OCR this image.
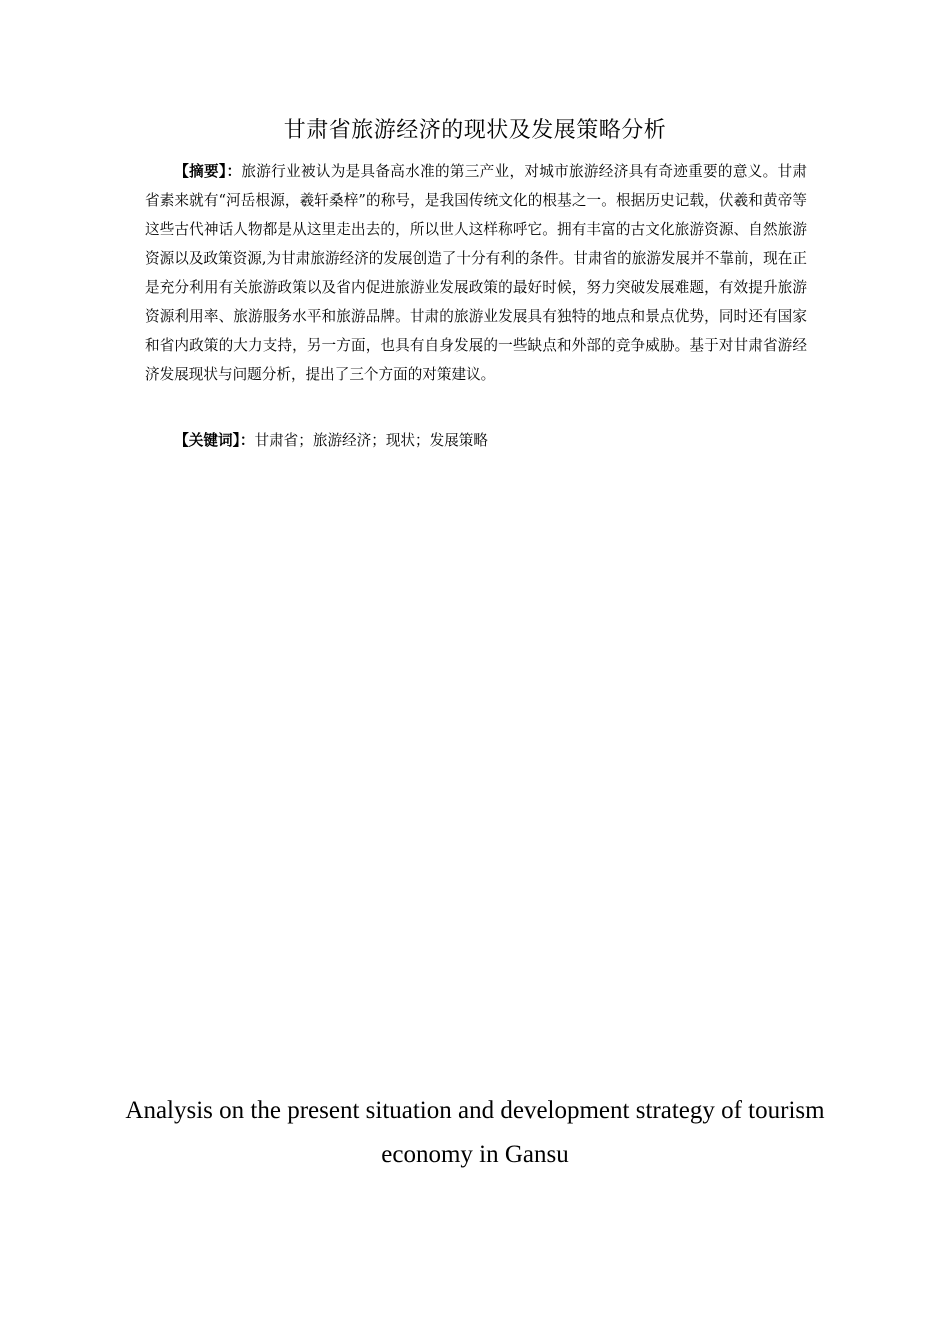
甘肃省旅游经济的现状及发展策略分析

【摘要】：旅游行业被认为是具备高水准的第三产业，对城市旅游经济具有奇迹重要的意义。甘肃省素来就有“河岳根源，羲轩桑梓”的称号，是我国传统文化的根基之一。根据历史记载，伏羲和黄帝等这些古代神话人物都是从这里走出去的，所以世人这样称呼它。拥有丰富的古文化旅游资源、自然旅游资源以及政策资源,为甘肃旅游经济的发展创造了十分有利的条件。甘肃省的旅游发展并不靠前，现在正是充分利用有关旅游政策以及省内促进旅游业发展政策的最好时候，努力突破发展难题，有效提升旅游资源利用率、旅游服务水平和旅游品牌。甘肃的旅游业发展具有独特的地点和景点优势，同时还有国家和省内政策的大力支持，另一方面，也具有自身发展的一些缺点和外部的竞争威胁。基于对甘肃省游经济发展现状与问题分析，提出了三个方面的对策建议。

【关键词】：甘肃省；旅游经济；现状；发展策略

Analysis on the present situation and development strategy of tourism economy in Gansu
